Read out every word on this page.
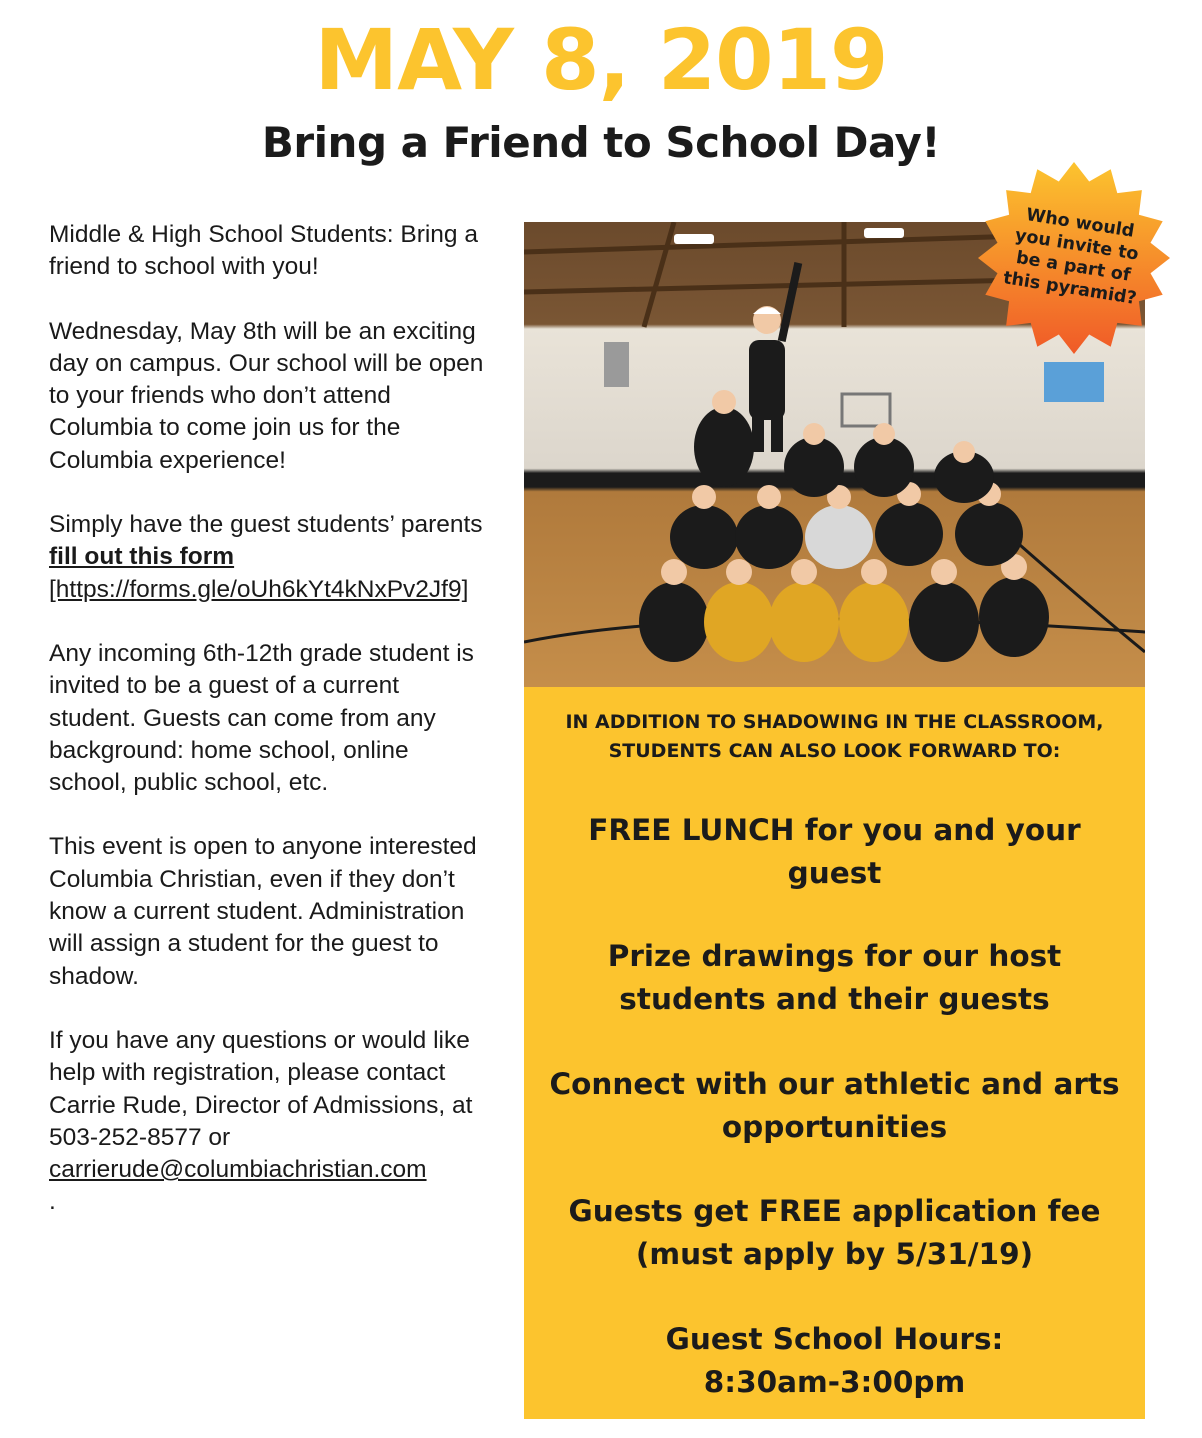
MAY 8, 2019
Bring a Friend to School Day!

Middle & High School Students: Bring a friend to school with you!

Wednesday, May 8th will be an exciting day on campus. Our school will be open to your friends who don’t attend Columbia to come join us for the Columbia experience!

Simply have the guest students’ parents fill out this form [https://forms.gle/oUh6kYt4kNxPv2Jf9]

Any incoming 6th-12th grade student is invited to be a guest of a current student. Guests can come from any background: home school, online school, public school, etc.

This event is open to anyone interested Columbia Christian, even if they don’t know a current student. Administration will assign a student for the guest to shadow.

If you have any questions or would like help with registration, please contact Carrie Rude, Director of Admissions, at 503-252-8577 or carrierude@columbiachristian.com
.

IN ADDITION TO SHADOWING IN THE CLASSROOM, STUDENTS CAN ALSO LOOK FORWARD TO:
FREE LUNCH for you and your guest
Prize drawings for our host students and their guests
Connect with our athletic and arts opportunities
Guests get FREE application fee (must apply by 5/31/19)
Guest School Hours:
8:30am-3:00pm
Who would you invite to be a part of this pyramid?
